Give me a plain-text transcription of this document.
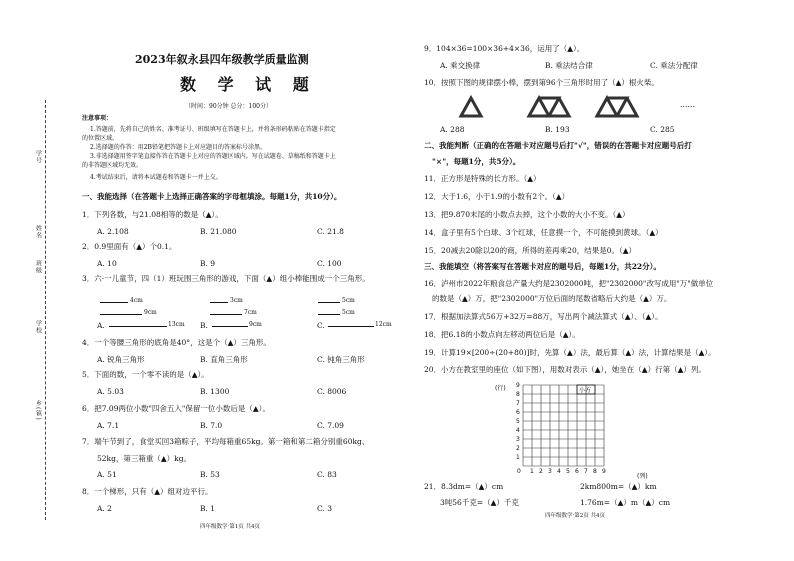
学号
姓名
班级
学校
乡(镇)
2023年叙永县四年级教学质量监测
数 学 试 题
（时间：90分钟 总分：100分）
注意事项：
1.答题前，先将自己的姓名、准考证号、班级填写在答题卡上，并将条形码粘贴在答题卡指定
的位置区域。
2.选择题的作答：用2B铅笔把答题卡上对应题目的答案标号涂黑。
3.非选择题用签字笔直接作答在答题卡上对应的答题区域内。写在试题卷、草稿纸和答题卡上
的非答题区域均无效。
4.考试结束后，请将本试题卷和答题卡一并上交。
一、我能选择（在答题卡上选择正确答案的字母框填涂。每题1分，共10分）。
1．下列各数，与21.08相等的数是（▲）。
A. 2.108	B. 21.080	C. 21.8
2．0.9里面有（▲）个0.1。
A. 10	B. 9	C. 100
3．六·一儿童节，四（1）班玩围三角形的游戏，下面（▲）组小棒能围成一个三角形。
4cm
9cm
A.	13cm
3cm
7cm
B.	9cm
5cm
5cm
C.	12cm
4．一个等腰三角形的底角是40°，这是个（▲）三角形。
A. 锐角三角形	B. 直角三角形	C. 钝角三角形
5．下面的数，一个零不读的是（▲）。
A. 5.03	B. 1300	C. 8006
6．把7.09两位小数"四舍五入"保留一位小数后是（▲）。
A. 7.1	B. 7.0	C. 7.09
7．端午节到了，食堂买回3箱粽子，平均每箱重65kg。第一箱和第二箱分别重60kg、
52kg，第三箱重（▲）kg。
A. 51	B. 53	C. 83
8．一个梯形，只有（▲）组对边平行。
A. 2	B. 1	C. 3
四年级数学·第1页 共4页
9．104×36=100×36+4×36，运用了（▲）。
A. 乘交换律	B. 乘法结合律	C. 乘法分配律
10．按照下图的规律摆小棒，摆到第96个三角形时用了（▲）根火柴。
……
A. 288	B. 193	C. 285
二、我能判断（正确的在答题卡对应题号后打"√"，错误的在答题卡对应题号后打
"×"，每题1分，共5分）。
11．正方形是特殊的长方形。（▲）
12．大于1.6，小于1.9的小数有2个。（▲）
13．把9.870末尾的小数点去掉，这个小数的大小不变。（▲）
14．盒子里有5个白球、3个红球，任意摸一个，不可能摸到黄球。（▲）
15．20减去20除以20的商，所得的差再乘20，结果是0。（▲）
三、我能填空（将答案写在答题卡对应的题号后，每题1分，共22分）。
16．泸州市2022年粮食总产量大约是2302000吨，把"2302000"改写成用"万"做单位
的数是（▲）万，把"2302000"万位后面的尾数省略后大约是（▲）万。
17．根据加法算式56万+32万=88万，写出两个减法算式（▲）、（▲）。
18．把6.18的小数点向左移动两位后是（▲）。
19．计算19×[200÷(20+80)]时，先算（▲）法，最后算（▲）法，计算结果是（▲）。
20．小方在教室里的座位（如下图），用数对表示（▲），她坐在（▲）行第（▲）列。
(行)
0 1 2 3 4 5 6 7 8 9
1
2
3
4
5
6
7
8
9
小方
(列)
21．8.3dm=（▲）cm	2km800m=（▲）km
3吨56千克=（▲）千克	1.76m=（▲）m（▲）cm
四年级数学·第2页 共4页
